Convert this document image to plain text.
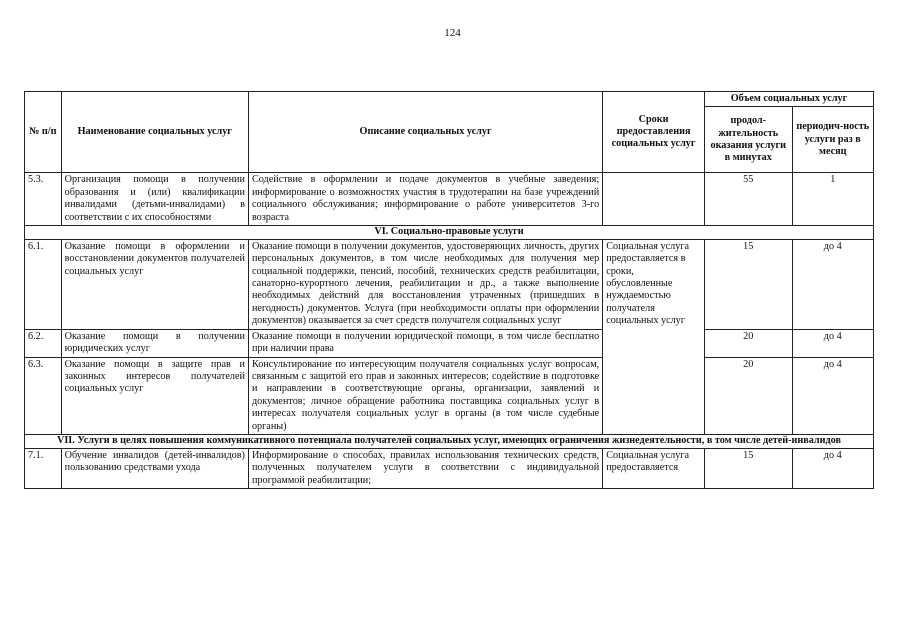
124
№ п/п	Наименование социальных услуг	Описание социальных услуг	Сроки предоставления социальных услуг	Объем социальных услуг	
				продол-жительность оказания услуги в минутах	периодич-ность услуги раз в месяц
5.3.	Организация помощи в получении образования и (или) квалификации инвалидами (детьми-инвалидами) в соответствии с их способностями	Содействие в оформлении и подаче документов в учебные заведения; информирование о возможностях участия в трудотерапии на базе учреждений социального обслуживания; информирование о работе университетов 3-го возраста		55	1
VI. Социально-правовые услуги					
6.1.	Оказание помощи в оформлении и восстановлении документов получателей социальных услуг	Оказание помощи в получении документов, удостоверяющих личность, других персональных документов, в том числе необходимых для получения мер социальной поддержки, пенсий, пособий, технических средств реабилитации, санаторно-курортного лечения, реабилитации и др., а также выполнение необходимых действий для восстановления утраченных (пришедших в негодность) документов. Услуга (при необходимости оплаты при оформлении документов) оказывается за счет средств получателя социальных услуг	Социальная услуга предоставляется в сроки, обусловленные нуждаемостью получателя социальных услуг	15	до 4
6.2.	Оказание помощи в получении юридических услуг	Оказание помощи в получении юридической помощи, в том числе бесплатно при наличии права		20	до 4
6.3.	Оказание помощи в защите прав и законных интересов получателей социальных услуг	Консультирование по интересующим получателя социальных услуг вопросам, связанным с защитой его прав и законных интересов; содействие в подготовке и направлении в соответствующие органы, организации, заявлений и документов; личное обращение работника поставщика социальных услуг в интересах получателя социальных услуг в органы (в том числе судебные органы)		20	до 4
VII. Услуги в целях повышения коммуникативного потенциала получателей социальных услуг, имеющих ограничения жизнедеятельности, в том числе детей-инвалидов					
7.1.	Обучение инвалидов (детей-инвалидов) пользованию средствами ухода	Информирование о способах, правилах использования технических средств, полученных получателем услуги в соответствии с индивидуальной программой реабилитации;	Социальная услуга предоставляется	15	до 4
